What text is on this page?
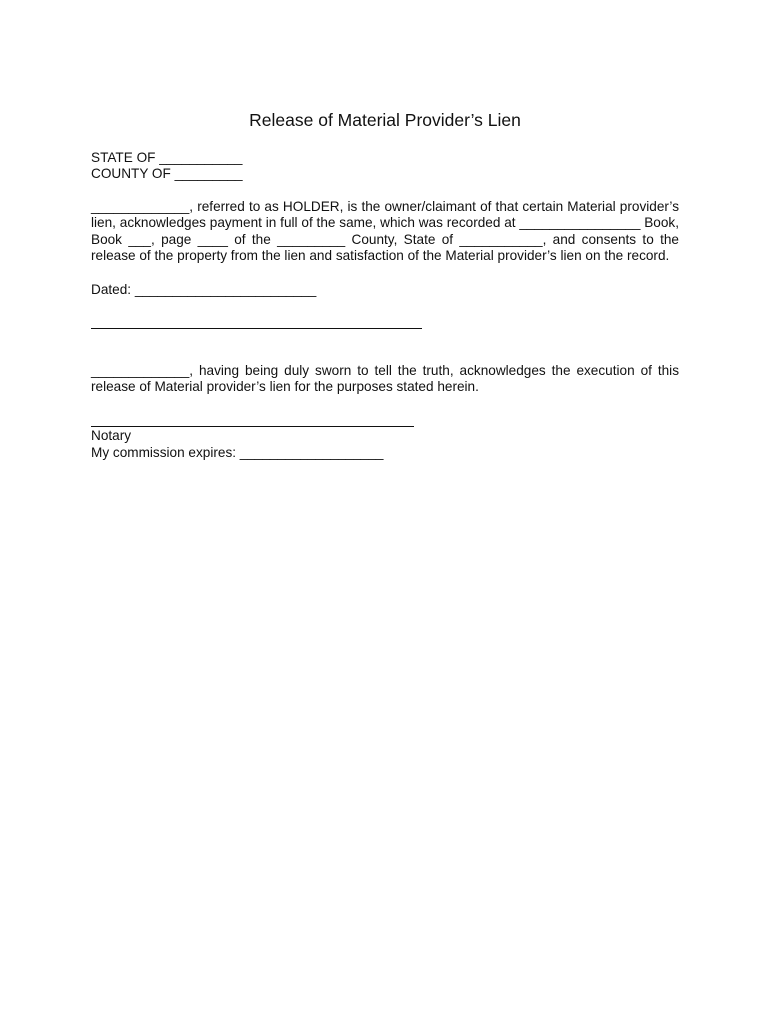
Release of Material Provider’s Lien
STATE OF ___________
COUNTY OF _________
_____________, referred to as HOLDER, is the owner/claimant of that certain Material provider’s
lien, acknowledges payment in full of the same, which was recorded at ________________ Book,
Book ___, page ____ of the _________ County, State of ___________, and consents to the
release of the property from the lien and satisfaction of the Material provider’s lien on the record.
Dated: ________________________
_____________, having being duly sworn to tell the truth, acknowledges the execution of this
release of Material provider’s lien for the purposes stated herein.
Notary
My commission expires: ___________________
